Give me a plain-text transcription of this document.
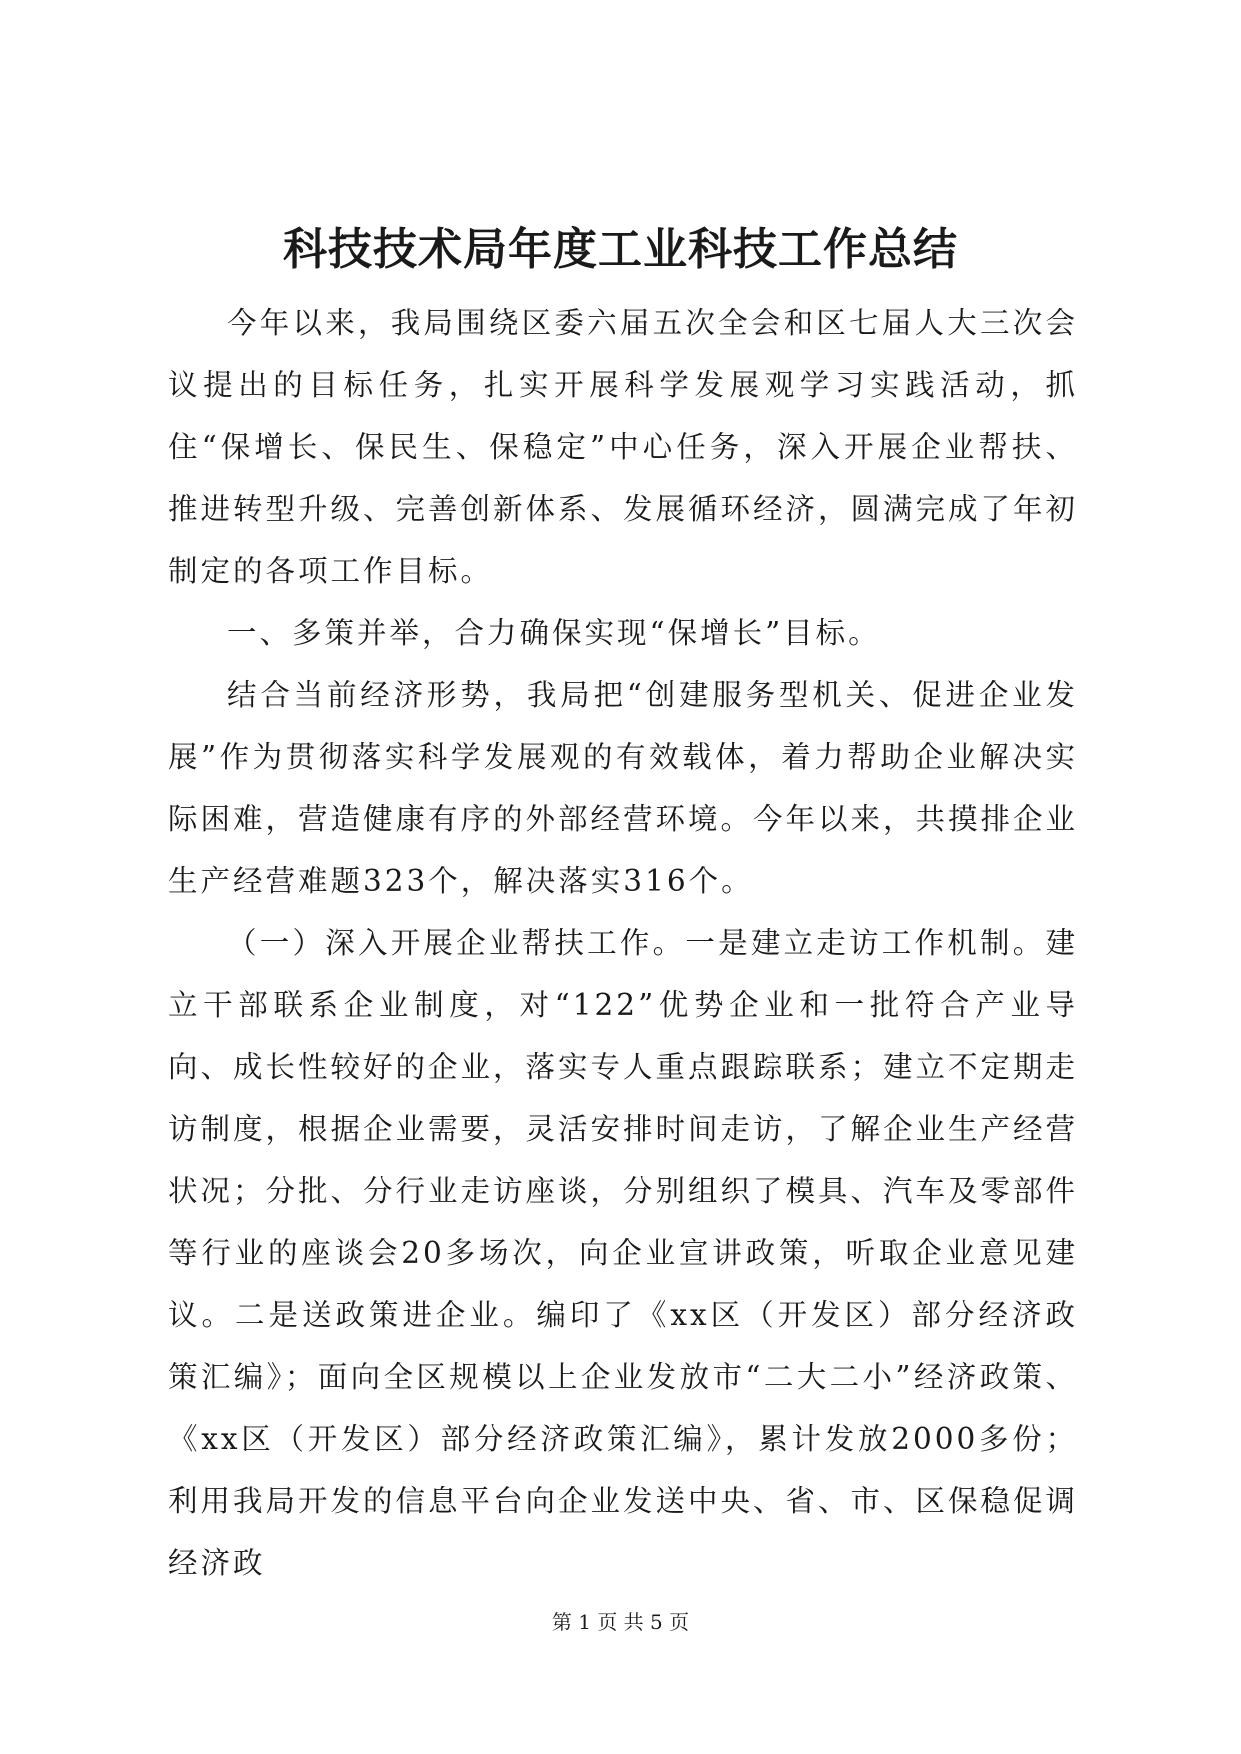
科技技术局年度工业科技工作总结

今年以来，我局围绕区委六届五次全会和区七届人大三次会议提出的目标任务，扎实开展科学发展观学习实践活动，抓住“保增长、保民生、保稳定”中心任务，深入开展企业帮扶、推进转型升级、完善创新体系、发展循环经济，圆满完成了年初制定的各项工作目标。

一、多策并举，合力确保实现“保增长”目标。

结合当前经济形势，我局把“创建服务型机关、促进企业发展”作为贯彻落实科学发展观的有效载体，着力帮助企业解决实际困难，营造健康有序的外部经营环境。今年以来，共摸排企业生产经营难题323个，解决落实316个。

（一）深入开展企业帮扶工作。一是建立走访工作机制。建立干部联系企业制度，对“122”优势企业和一批符合产业导向、成长性较好的企业，落实专人重点跟踪联系；建立不定期走访制度，根据企业需要，灵活安排时间走访，了解企业生产经营状况；分批、分行业走访座谈，分别组织了模具、汽车及零部件等行业的座谈会20多场次，向企业宣讲政策，听取企业意见建议。二是送政策进企业。编印了《xx区（开发区）部分经济政策汇编》；面向全区规模以上企业发放市“二大二小”经济政策、《xx区（开发区）部分经济政策汇编》，累计发放2000多份；利用我局开发的信息平台向企业发送中央、省、市、区保稳促调经济政

第 1 页 共 5 页
